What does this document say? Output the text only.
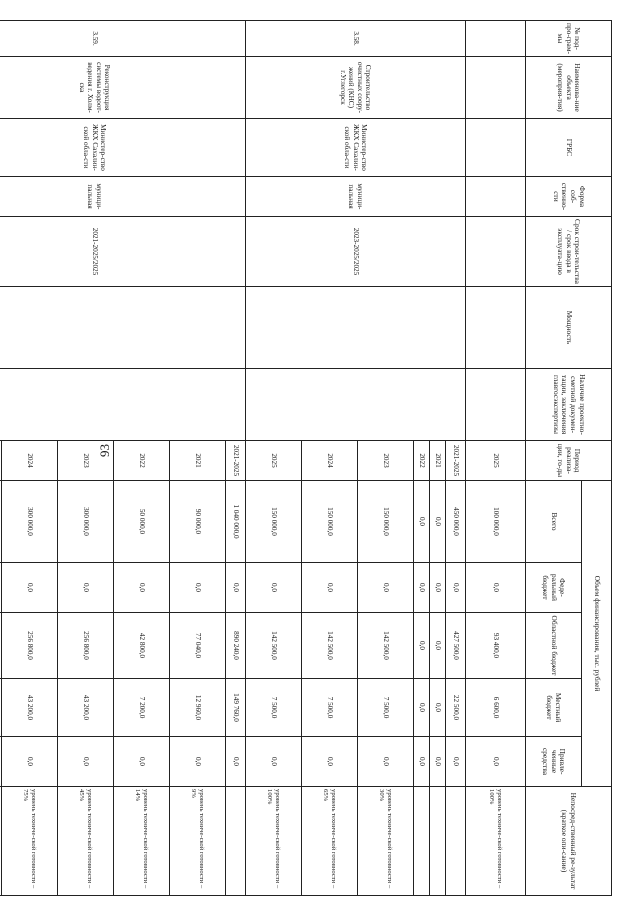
93
№ под-про-грам-мы	Наименова-ние объекта (мероприя-тия)	ГРБС	Форма соб-ственно-сти	Срок строи-тельства / срок ввода в эксплуата-цию	Мощность	Наличие проектно-сметной докумен-тации, заключения главгосэкспертизы	Период реализа-ции, го-ды	Объем финансирования, тыс. рублей					Непосред-ственный ре-зультат (краткое опи-сание)
								Всего	Феде-ральный бюджет	Областной бюджет	Местный бюджет	Привле-ченные средства	
							2025	100 000,0	0,0	93 400,0	6 600,0	0,0	уровень техниче-ской готовности – 100%
3.58.	Строительство очистных соору-жений (КНС) г.Углегорск	Министер-ство ЖКХ Сахалин-ской обла-сти	муници-пальная	2023-2025/2025			2021-2025	450 000,0	0,0	427 500,0	22 500,0	0,0	
							2021	0,0	0,0	0,0	0,0	0,0	
							2022	0,0	0,0	0,0	0,0	0,0	
							2023	150 000,0	0,0	142 500,0	7 500,0	0,0	уровень техниче-ской готовности – 30%
							2024	150 000,0	0,0	142 500,0	7 500,0	0,0	уровень техниче-ской готовности – 65%
							2025	150 000,0	0,0	142 500,0	7 500,0	0,0	уровень техниче-ской готовности – 100%
3.59.	Реконструкция системы водоот-ведения г. Холм-ска	Министер-ство ЖКХ Сахалин-ской обла-сти	муници-пальная	2021-2025/2025			2021-2025	1 040 000,0	0,0	890 240,0	149 760,0	0,0	
							2021	90 000,0	0,0	77 040,0	12 960,0	0,0	уровень техниче-ской готовности – 9%
							2022	50 000,0	0,0	42 800,0	7 200,0	0,0	уровень техниче-ской готовности – 14%
							2023	300 000,0	0,0	256 800,0	43 200,0	0,0	уровень техниче-ской готовности – 45%
							2024	300 000,0	0,0	256 800,0	43 200,0	0,0	уровень техниче-ской готовности – 75%
